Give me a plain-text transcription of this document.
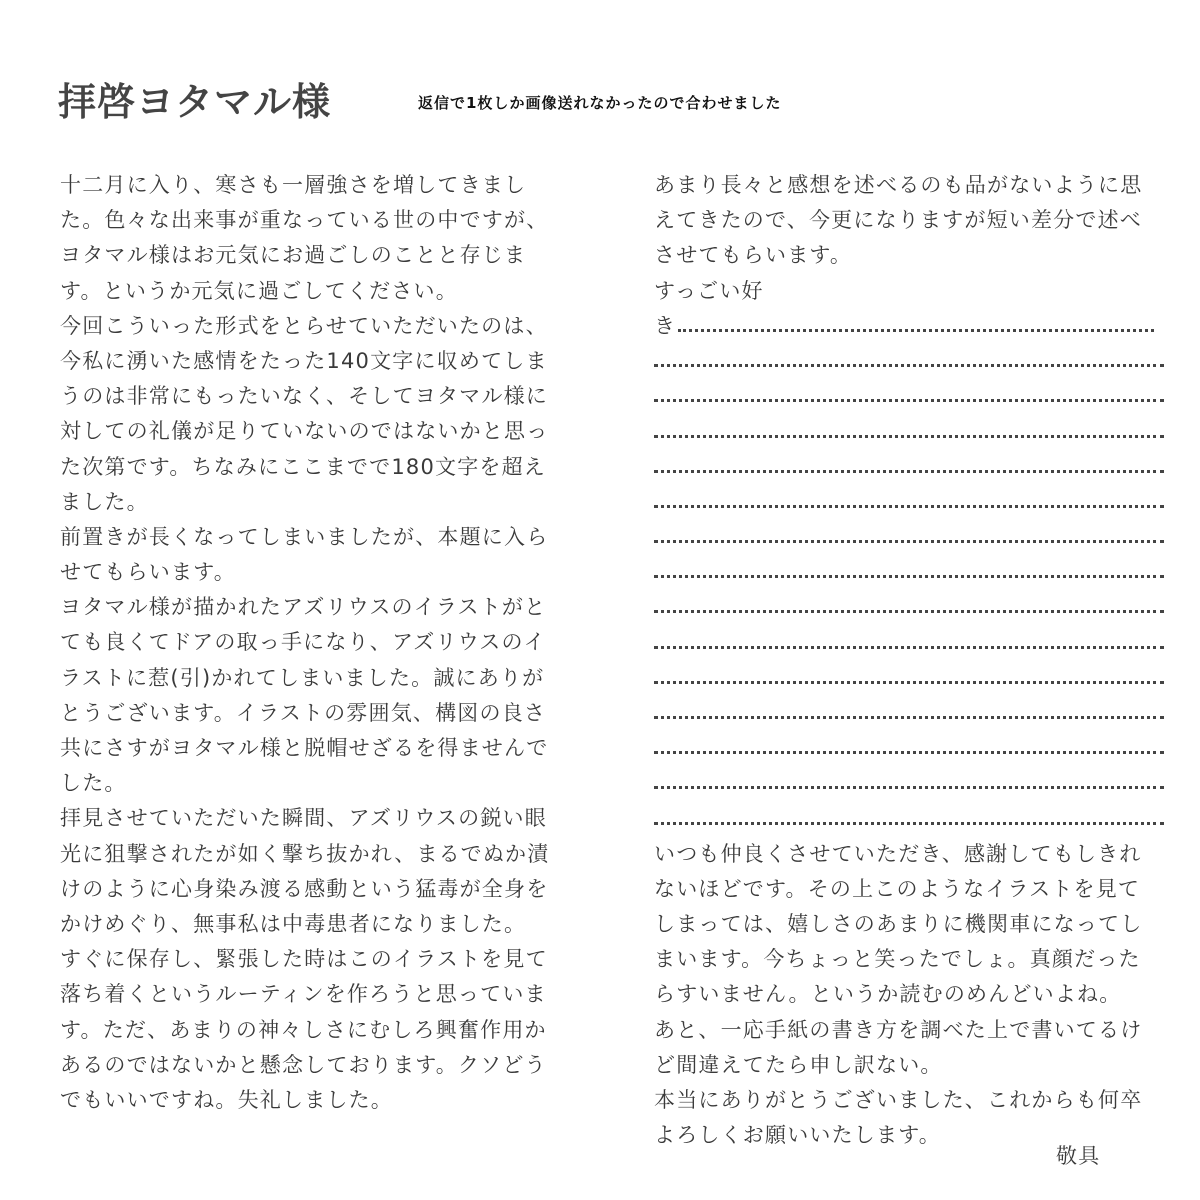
拝啓ヨタマル様	返信で1枚しか画像送れなかったので合わせました
十二月に入り、寒さも一層強さを増してきまし
た。色々な出来事が重なっている世の中ですが、
ヨタマル様はお元気にお過ごしのことと存じま
す。というか元気に過ごしてください。
今回こういった形式をとらせていただいたのは、
今私に湧いた感情をたった140文字に収めてしま
うのは非常にもったいなく、そしてヨタマル様に
対しての礼儀が足りていないのではないかと思っ
た次第です。ちなみにここまでで180文字を超え
ました。
前置きが長くなってしまいましたが、本題に入ら
せてもらいます。
ヨタマル様が描かれたアズリウスのイラストがと
ても良くてドアの取っ手になり、アズリウスのイ
ラストに惹(引)かれてしまいました。誠にありが
とうございます。イラストの雰囲気、構図の良さ
共にさすがヨタマル様と脱帽せざるを得ませんで
した。
拝見させていただいた瞬間、アズリウスの鋭い眼
光に狙撃されたが如く撃ち抜かれ、まるでぬか漬
けのように心身染み渡る感動という猛毒が全身を
かけめぐり、無事私は中毒患者になりました。
すぐに保存し、緊張した時はこのイラストを見て
落ち着くというルーティンを作ろうと思っていま
す。ただ、あまりの神々しさにむしろ興奮作用か
あるのではないかと懸念しております。クソどう
でもいいですね。失礼しました。
あまり長々と感想を述べるのも品がないように思
えてきたので、今更になりますが短い差分で述べ
させてもらいます。
すっごい好
き
いつも仲良くさせていただき、感謝してもしきれ
ないほどです。その上このようなイラストを見て
しまっては、嬉しさのあまりに機関車になってし
まいます。今ちょっと笑ったでしょ。真顔だった
らすいません。というか読むのめんどいよね。
あと、一応手紙の書き方を調べた上で書いてるけ
ど間違えてたら申し訳ない。
本当にありがとうございました、これからも何卒
よろしくお願いいたします。
敬具
